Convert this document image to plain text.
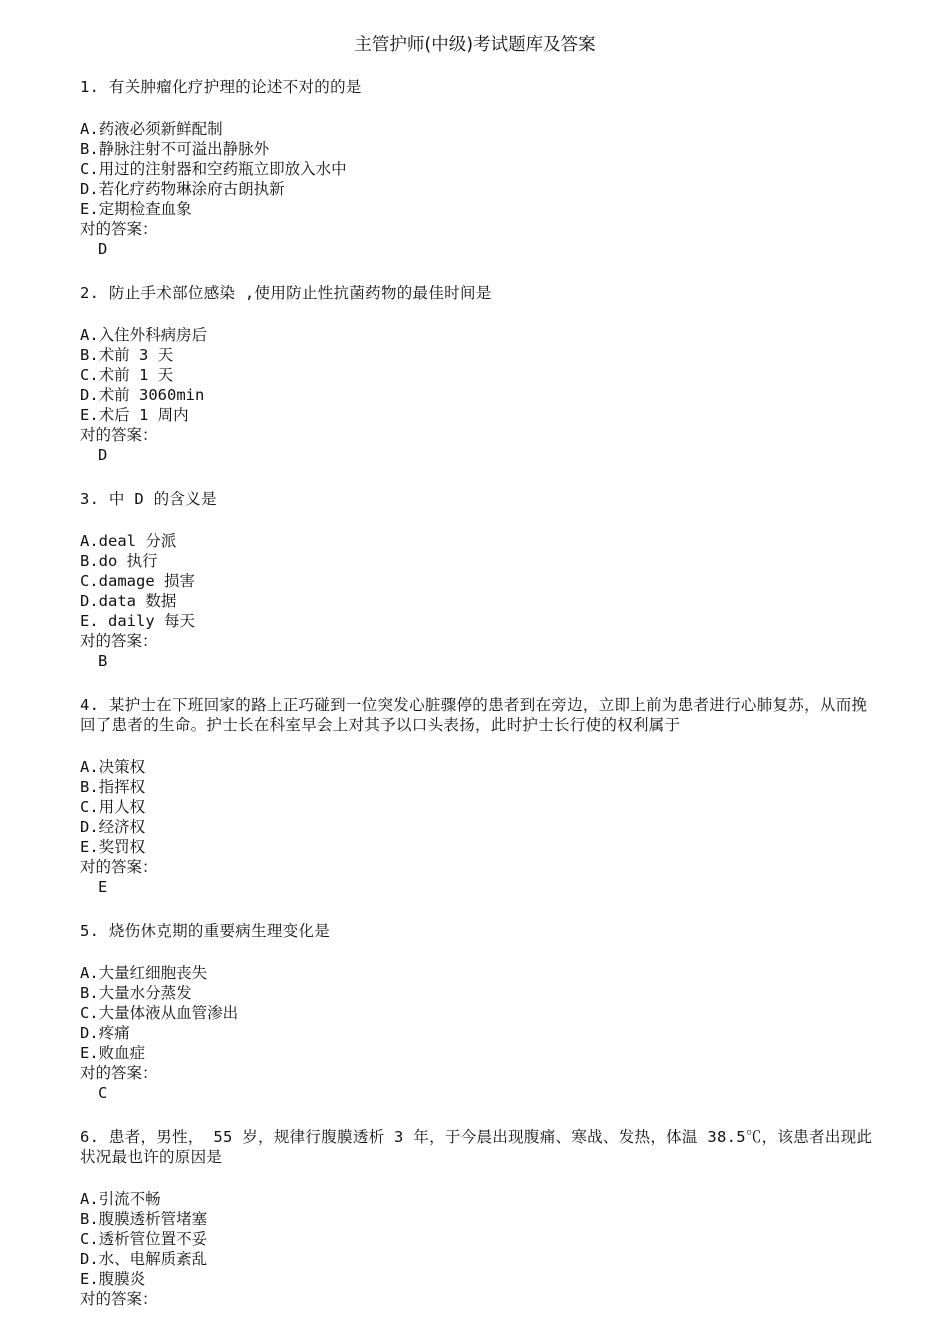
主管护师(中级)考试题库及答案
1. 有关肿瘤化疗护理的论述不对的的是
A.药液必须新鲜配制
B.静脉注射不可溢出静脉外
C.用过的注射器和空药瓶立即放入水中
D.若化疗药物琳涂府古朗执新
E.定期检查血象
对的答案：
D
2. 防止手术部位感染 ,使用防止性抗菌药物的最佳时间是
A.入住外科病房后
B.术前 3 天
C.术前 1 天
D.术前 3060min
E.术后 1 周内
对的答案：
D
3. 中 D 的含义是
A.deal 分派
B.do 执行
C.damage 损害
D.data 数据
E. daily 每天
对的答案：
B
4. 某护士在下班回家的路上正巧碰到一位突发心脏骤停的患者到在旁边，立即上前为患者进行心肺复苏，从而挽回了患者的生命。护士长在科室早会上对其予以口头表扬，此时护士长行使的权利属于
A.决策权
B.指挥权
C.用人权
D.经济权
E.奖罚权
对的答案：
E
5. 烧伤休克期的重要病生理变化是
A.大量红细胞丧失
B.大量水分蒸发
C.大量体液从血管渗出
D.疼痛
E.败血症
对的答案：
C
6. 患者，男性， 55 岁，规律行腹膜透析 3 年，于今晨出现腹痛、寒战、发热，体温 38.5℃，该患者出现此状况最也许的原因是
A.引流不畅
B.腹膜透析管堵塞
C.透析管位置不妥
D.水、电解质紊乱
E.腹膜炎
对的答案：
